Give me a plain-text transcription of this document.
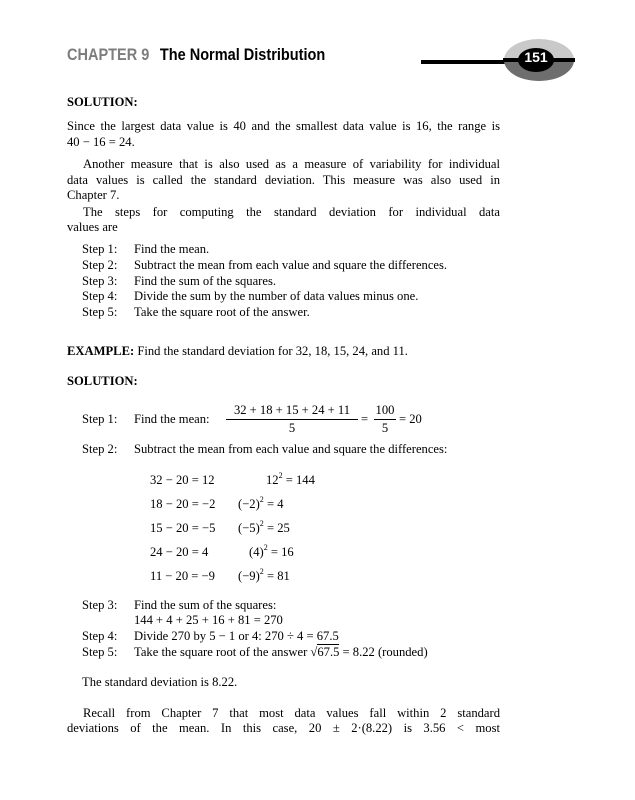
CHAPTER 9 The Normal Distribution	151
SOLUTION:
Since the largest data value is 40 and the smallest data value is 16, the range is
40 − 16 = 24.
Another measure that is also used as a measure of variability for individual
data values is called the standard deviation. This measure was also used in
Chapter 7.
The steps for computing the standard deviation for individual data
values are
Step 1: Find the mean.
Step 2: Subtract the mean from each value and square the differences.
Step 3: Find the sum of the squares.
Step 4: Divide the sum by the number of data values minus one.
Step 5: Take the square root of the answer.
EXAMPLE: Find the standard deviation for 32, 18, 15, 24, and 11.
SOLUTION:
Step 1: Find the mean:
32 + 18 + 15 + 24 + 11
5
=
100
5
= 20
Step 2: Subtract the mean from each value and square the differences:
32 − 20 = 12	$12^2 = 144$
18 − 20 = −2 $(-2)^2 = 4$
15 − 20 = −5 $(-5)^2 = 25$
24 − 20 = 4	$(4)^2 = 16$
11 − 20 = −9 $(-9)^2 = 81$
Step 3: Find the sum of the squares:
144 + 4 + 25 + 16 + 81 = 270
Step 4: Divide 270 by 5 − 1 or 4: 270 ÷ 4 = 67.5
Step 5: Take the square root of the answer √67.5 = 8.22 (rounded)
The standard deviation is 8.22.
Recall from Chapter 7 that most data values fall within 2 standard
deviations of the mean. In this case, 20 ± 2·(8.22) is 3.56 < most
